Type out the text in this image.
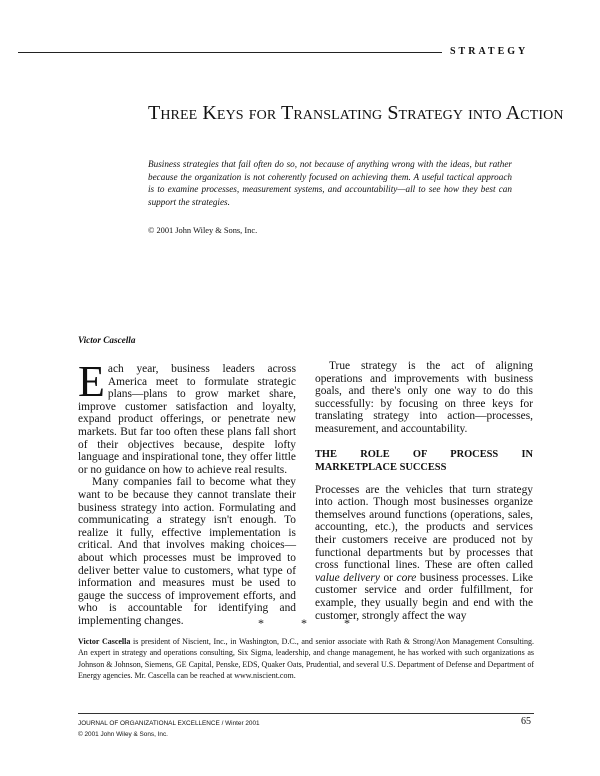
STRATEGY
Three Keys for Translating Strategy into Action
Business strategies that fail often do so, not because of anything wrong with the ideas, but rather because the organization is not coherently focused on achieving them. A useful tactical approach is to examine processes, measurement systems, and accountability—all to see how they best can support the strategies.
© 2001 John Wiley & Sons, Inc.
Victor Cascella

Each year, business leaders across America meet to formulate strategic plans—plans to grow market share, improve customer satisfaction and loyalty, expand product offerings, or penetrate new markets. But far too often these plans fall short of their objectives because, despite lofty language and inspirational tone, they offer little or no guidance on how to achieve real results.

Many companies fail to become what they want to be because they cannot translate their business strategy into action. Formulating and communicating a strategy isn't enough. To realize it fully, effective implementation is critical. And that involves making choices—about which processes must be improved to deliver better value to customers, what type of information and measures must be used to gauge the success of improvement efforts, and who is accountable for identifying and implementing changes.

True strategy is the act of aligning operations and improvements with business goals, and there's only one way to do this successfully: by focusing on three keys for translating strategy into action—processes, measurement, and accountability.

THE ROLE OF PROCESS IN MARKETPLACE SUCCESS

Processes are the vehicles that turn strategy into action. Though most businesses organize themselves around functions (operations, sales, accounting, etc.), the products and services their customers receive are produced not by functional departments but by processes that cross functional lines. These are often called value delivery or core business processes. Like customer service and order fulfillment, for example, they usually begin and end with the customer, strongly affect the way

* * *
Victor Cascella is president of Niscient, Inc., in Washington, D.C., and senior associate with Rath & Strong/Aon Management Consulting. An expert in strategy and operations consulting, Six Sigma, leadership, and change management, he has worked with such organizations as Johnson & Johnson, Siemens, GE Capital, Penske, EDS, Quaker Oats, Prudential, and several U.S. Department of Defense and Department of Energy agencies. Mr. Cascella can be reached at www.niscient.com.
JOURNAL OF ORGANIZATIONAL EXCELLENCE / Winter 2001
© 2001 John Wiley & Sons, Inc.
65
